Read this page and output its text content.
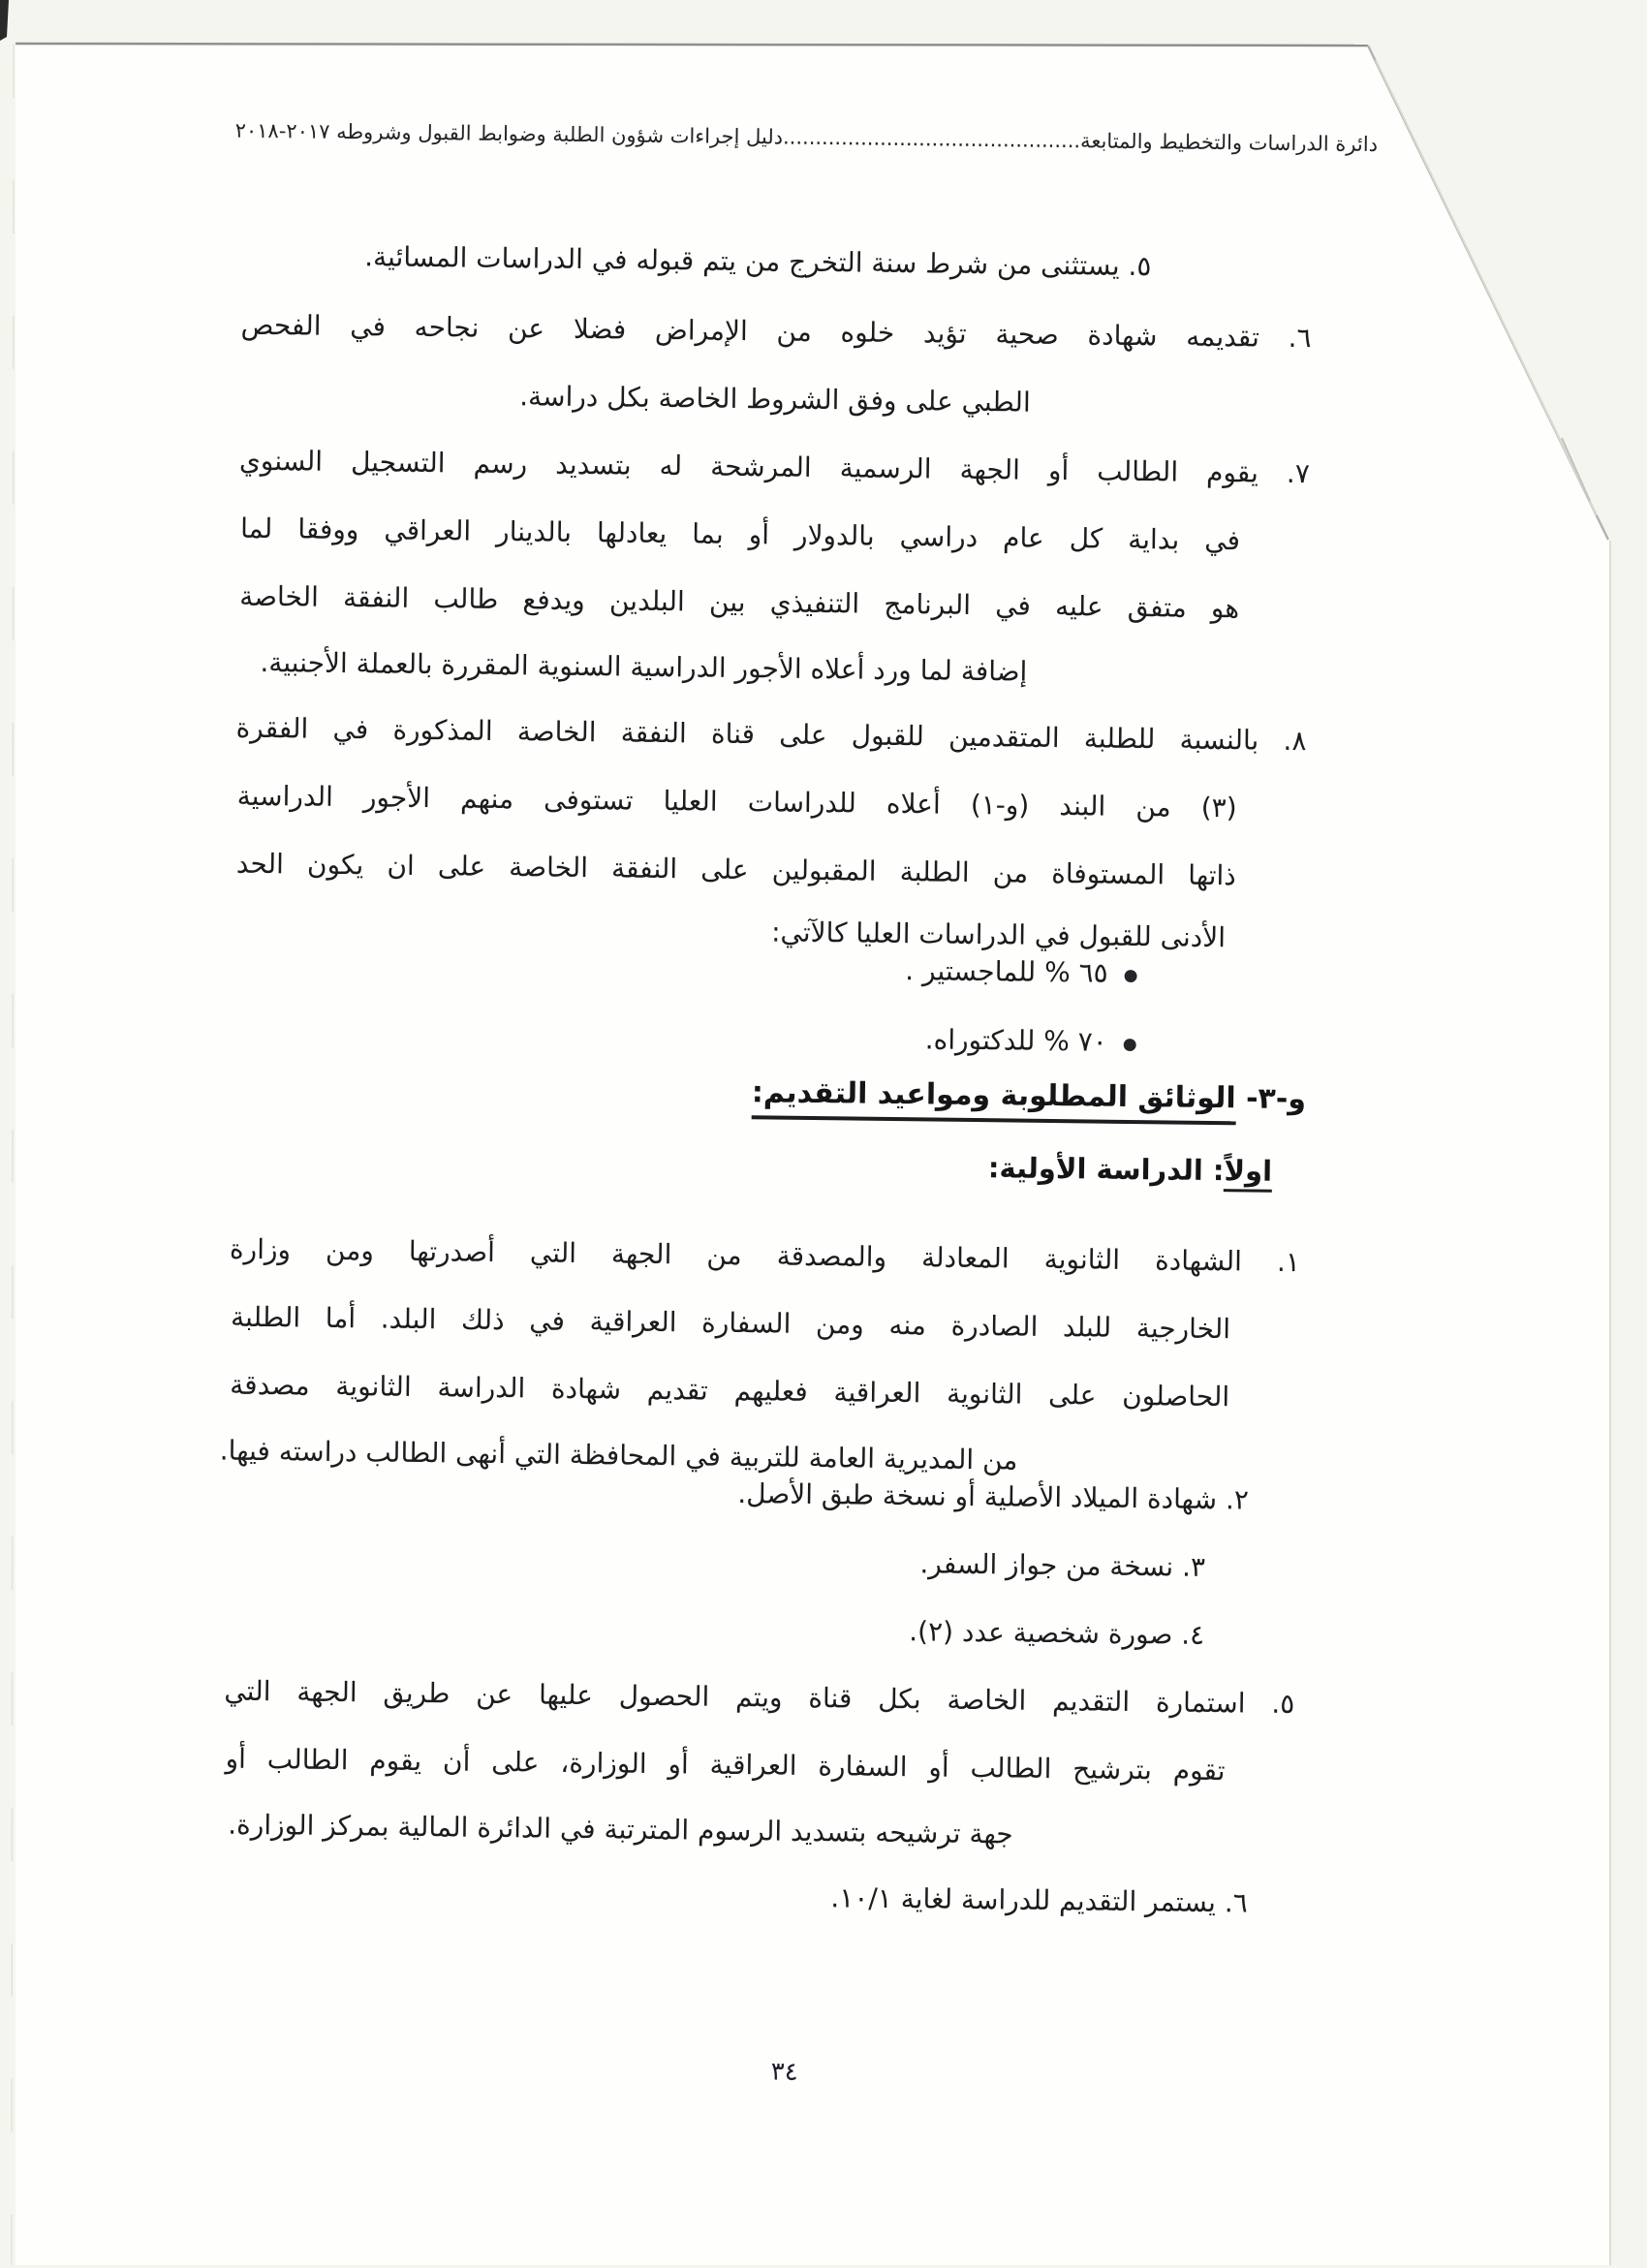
دائرة الدراسات والتخطيط والمتابعة..............................................دليل إجراءات شؤون الطلبة وضوابط القبول وشروطه ٢٠١٧-٢٠١٨
٥. يستثنى من شرط سنة التخرج من يتم قبوله في الدراسات المسائية.
٦. تقديمه شهادة صحية تؤيد خلوه من الإمراض فضلا عن نجاحه في الفحص
الطبي على وفق الشروط الخاصة بكل دراسة.
٧. يقوم الطالب أو الجهة الرسمية المرشحة له بتسديد رسم التسجيل السنوي
في بداية كل عام دراسي بالدولار أو بما يعادلها بالدينار العراقي ووفقا لما
هو متفق عليه في البرنامج التنفيذي بين البلدين ويدفع طالب النفقة الخاصة
إضافة لما ورد أعلاه الأجور الدراسية السنوية المقررة بالعملة الأجنبية.
٨. بالنسبة للطلبة المتقدمين للقبول على قناة النفقة الخاصة المذكورة في الفقرة
(٣) من البند (و-١) أعلاه للدراسات العليا تستوفى منهم الأجور الدراسية
ذاتها المستوفاة من الطلبة المقبولين على النفقة الخاصة على ان يكون الحد
الأدنى للقبول في الدراسات العليا كالآتي:
●٦٥ % للماجستير .
●٧٠ % للدكتوراه.
و-٣- الوثائق المطلوبة ومواعيد التقديم:
اولاً: الدراسة الأولية:
١. الشهادة الثانوية المعادلة والمصدقة من الجهة التي أصدرتها ومن وزارة
الخارجية للبلد الصادرة منه ومن السفارة العراقية في ذلك البلد. أما الطلبة
الحاصلون على الثانوية العراقية فعليهم تقديم شهادة الدراسة الثانوية مصدقة
من المديرية العامة للتربية في المحافظة التي أنهى الطالب دراسته فيها.
٢. شهادة الميلاد الأصلية أو نسخة طبق الأصل.
٣. نسخة من جواز السفر.
٤. صورة شخصية عدد (٢).
٥. استمارة التقديم الخاصة بكل قناة ويتم الحصول عليها عن طريق الجهة التي
تقوم بترشيح الطالب أو السفارة العراقية أو الوزارة، على أن يقوم الطالب أو
جهة ترشيحه بتسديد الرسوم المترتبة في الدائرة المالية بمركز الوزارة.
٦. يستمر التقديم للدراسة لغاية ١٠/١.
٣٤
